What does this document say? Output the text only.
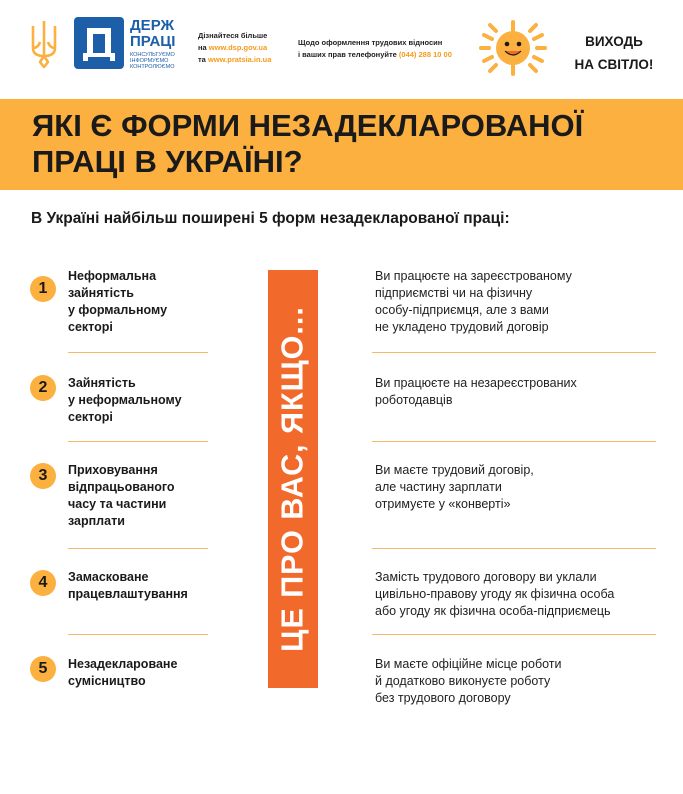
ДЕРЖ
ПРАЦІ
КОНСУЛЬТУЄМО ІНФОРМУЄМО КОНТРОЛЮЄМО
Дізнайтеся більше
на www.dsp.gov.ua
та www.pratsia.in.ua
Щодо оформлення трудових відносин
і ваших прав телефонуйте (044) 288 10 00
ВИХОДЬ
НА СВІТЛО!
ЯКІ Є ФОРМИ НЕЗАДЕКЛАРОВАНОЇ ПРАЦІ В УКРАЇНІ?

В Україні найбільш поширені 5 форм незадекларованої праці:

ЦЕ ПРО ВАС, ЯКЩО...
1
Неформальна
зайнятість
у формальному
секторі
Ви працюєте на зареєстрованому
підприємстві чи на фізичну
особу-підприємця, але з вами
не укладено трудовий договір
2	Зайнятість
у неформальному
секторі
Ви працюєте на незареєстрованих
роботодавців
3	Приховування
відпрацьованого
часу та частини
зарплати
Ви маєте трудовий договір,
але частину зарплати
отримуєте у «конверті»
4	Замасковане
працевлаштування
Замість трудового договору ви уклали
цивільно-правову угоду як фізична особа
або угоду як фізична особа-підприємець
5	Незадеклароване
сумісництво
Ви маєте офіційне місце роботи
й додатково виконуєте роботу
без трудового договору
